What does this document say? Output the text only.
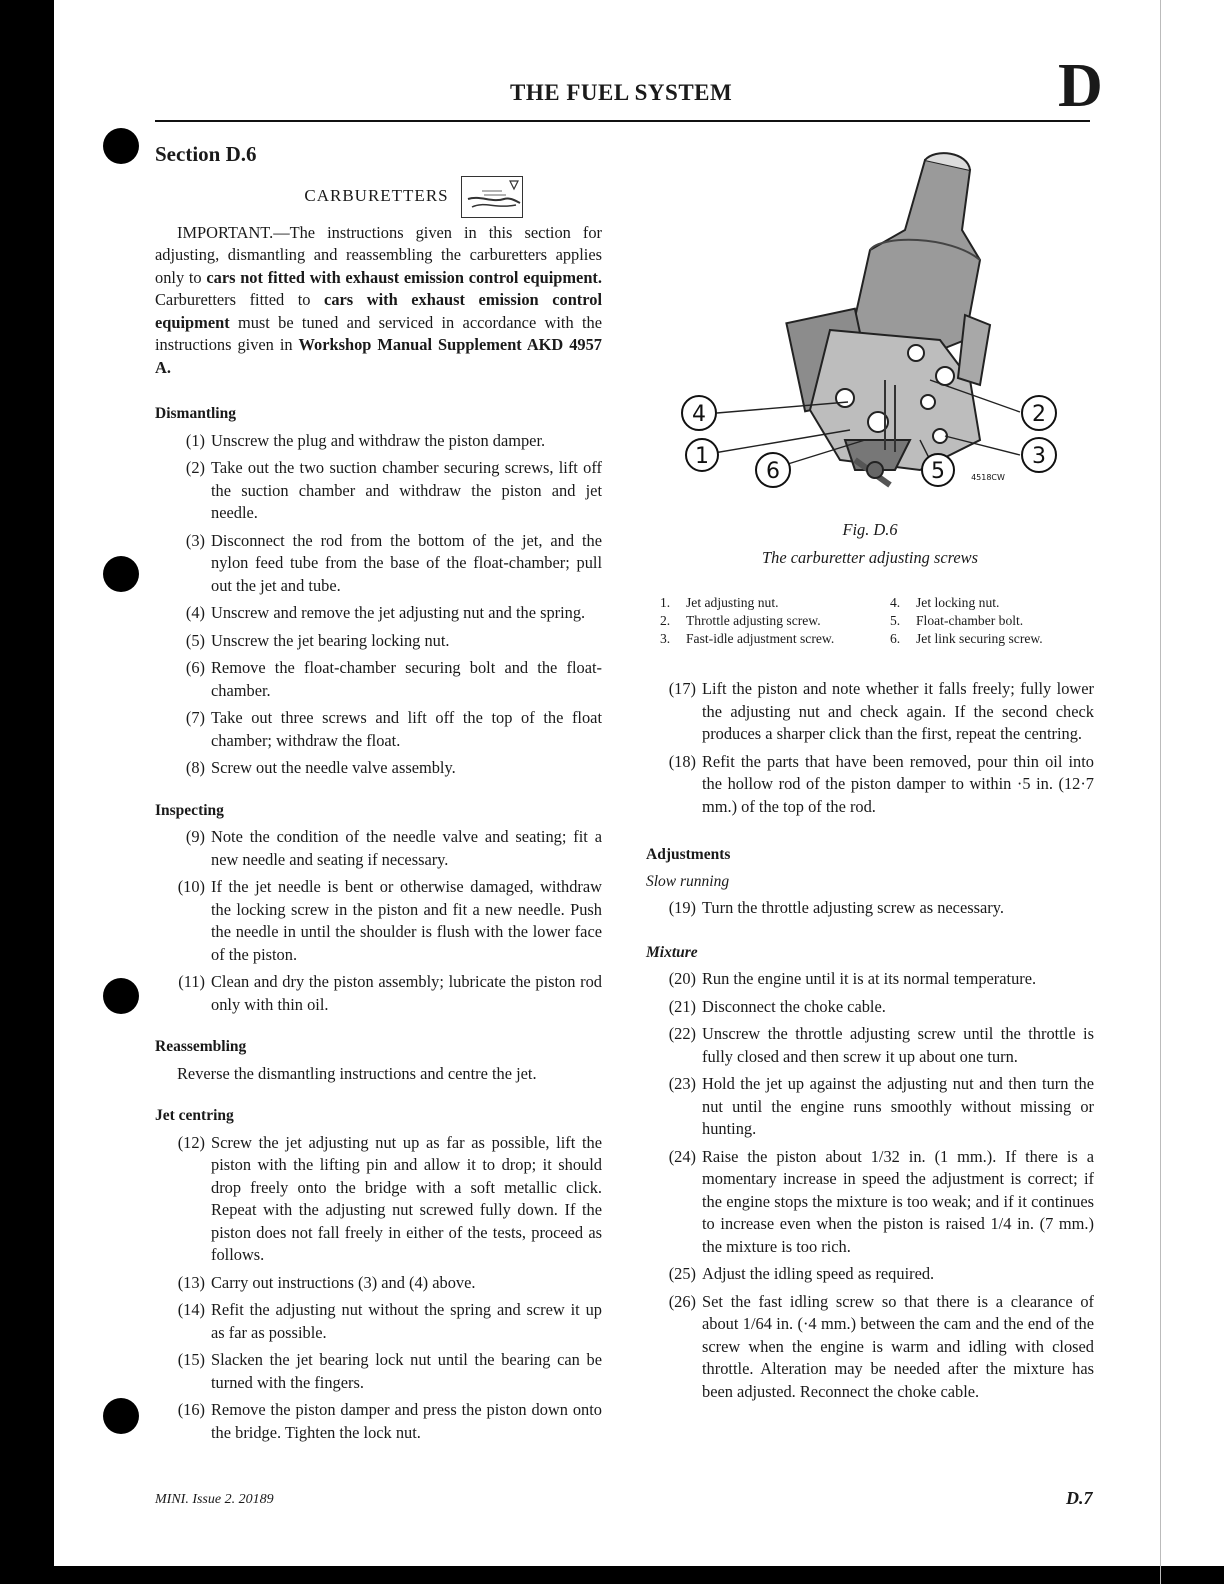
THE FUEL SYSTEM	D
Section D.6
CARBURETTERS

IMPORTANT.—The instructions given in this section for adjusting, dismantling and reassembling the carburetters applies only to cars not fitted with exhaust emission control equipment. Carburetters fitted to cars with exhaust emission control equipment must be tuned and serviced in accordance with the instructions given in Workshop Manual Supplement AKD 4957 A.

Dismantling
(1) Unscrew the plug and withdraw the piston damper.
(2) Take out the two suction chamber securing screws, lift off the suction chamber and withdraw the piston and jet needle.
(3) Disconnect the rod from the bottom of the jet, and the nylon feed tube from the base of the float-chamber; pull out the jet and tube.
(4) Unscrew and remove the jet adjusting nut and the spring.
(5) Unscrew the jet bearing locking nut.
(6) Remove the float-chamber securing bolt and the float-chamber.
(7) Take out three screws and lift off the top of the float chamber; withdraw the float.
(8) Screw out the needle valve assembly.
Inspecting
(9) Note the condition of the needle valve and seating; fit a new needle and seating if necessary.
(10) If the jet needle is bent or otherwise damaged, withdraw the locking screw in the piston and fit a new needle. Push the needle in until the shoulder is flush with the lower face of the piston.
(11) Clean and dry the piston assembly; lubricate the piston rod only with thin oil.
Reassembling

Reverse the dismantling instructions and centre the jet.

Jet centring
(12) Screw the jet adjusting nut up as far as possible, lift the piston with the lifting pin and allow it to drop; it should drop freely onto the bridge with a soft metallic click. Repeat with the adjusting nut screwed fully down. If the piston does not fall freely in either of the tests, proceed as follows.
(13) Carry out instructions (3) and (4) above.
(14) Refit the adjusting nut without the spring and screw it up as far as possible.
(15) Slacken the jet bearing lock nut until the bearing can be turned with the fingers.
(16) Remove the piston damper and press the piston down onto the bridge. Tighten the lock nut.
4
1
6	5
2
3
4518CW
Fig. D.6
The carburetter adjusting screws
1.	Jet adjusting nut.	4.	Jet locking nut.
2.	Throttle adjusting screw.	5.	Float-chamber bolt.
3.	Fast-idle adjustment screw.	6.	Jet link securing screw.
(17) Lift the piston and note whether it falls freely; fully lower the adjusting nut and check again. If the second check produces a sharper click than the first, repeat the centring.
(18) Refit the parts that have been removed, pour thin oil into the hollow rod of the piston damper to within ·5 in. (12·7 mm.) of the top of the rod.
Adjustments
Slow running
(19) Turn the throttle adjusting screw as necessary.
Mixture
(20) Run the engine until it is at its normal temperature.
(21) Disconnect the choke cable.
(22) Unscrew the throttle adjusting screw until the throttle is fully closed and then screw it up about one turn.
(23) Hold the jet up against the adjusting nut and then turn the nut until the engine runs smoothly without missing or hunting.
(24) Raise the piston about 1/32 in. (1 mm.). If there is a momentary increase in speed the adjustment is correct; if the engine stops the mixture is too weak; and if it continues to increase even when the piston is raised 1/4 in. (7 mm.) the mixture is too rich.
(25) Adjust the idling speed as required.
(26) Set the fast idling screw so that there is a clearance of about 1/64 in. (·4 mm.) between the cam and the end of the screw when the engine is warm and idling with closed throttle. Alteration may be needed after the mixture has been adjusted. Reconnect the choke cable.
MINI. Issue 2. 20189	D.7
